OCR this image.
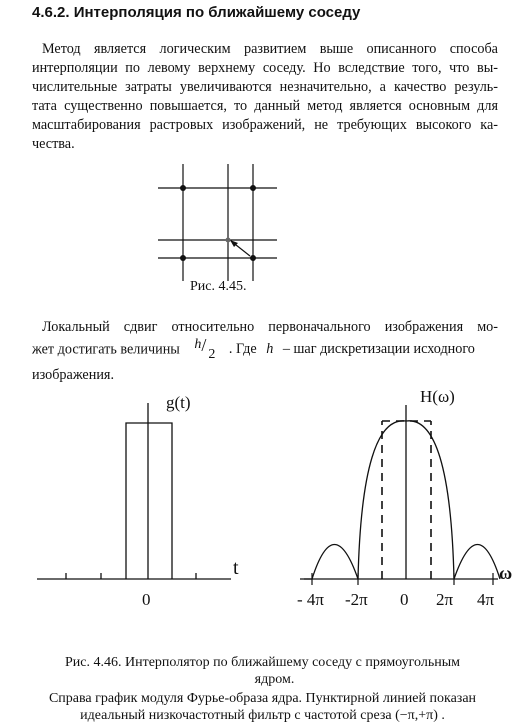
4.6.2. Интерполяция по ближайшему соседу
Метод является логическим развитием выше описанного способа
интерполяции по левому верхнему соседу. Но вследствие того, что вы-
числительные затраты увеличиваются незначительно, а качество резуль-
тата существенно повышается, то данный метод является основным для
масштабирования растровых изображений, не требующих высокого ка-
чества.
Рис. 4.45.
Локальный сдвиг относительно первоначального изображения мо-
жет достигать величины h / 2 . Где h – шаг дискретизации исходного
изображения.
g(t)
t
0
H(ω)
ω
- 4π -2π 0 2π 4π
Рис. 4.46. Интерполятор по ближайшему соседу с прямоугольным
ядром.
Справа график модуля Фурье-образа ядра. Пунктирной линией показан
идеальный низкочастотный фильтр с частотой среза (−π,+π) .
